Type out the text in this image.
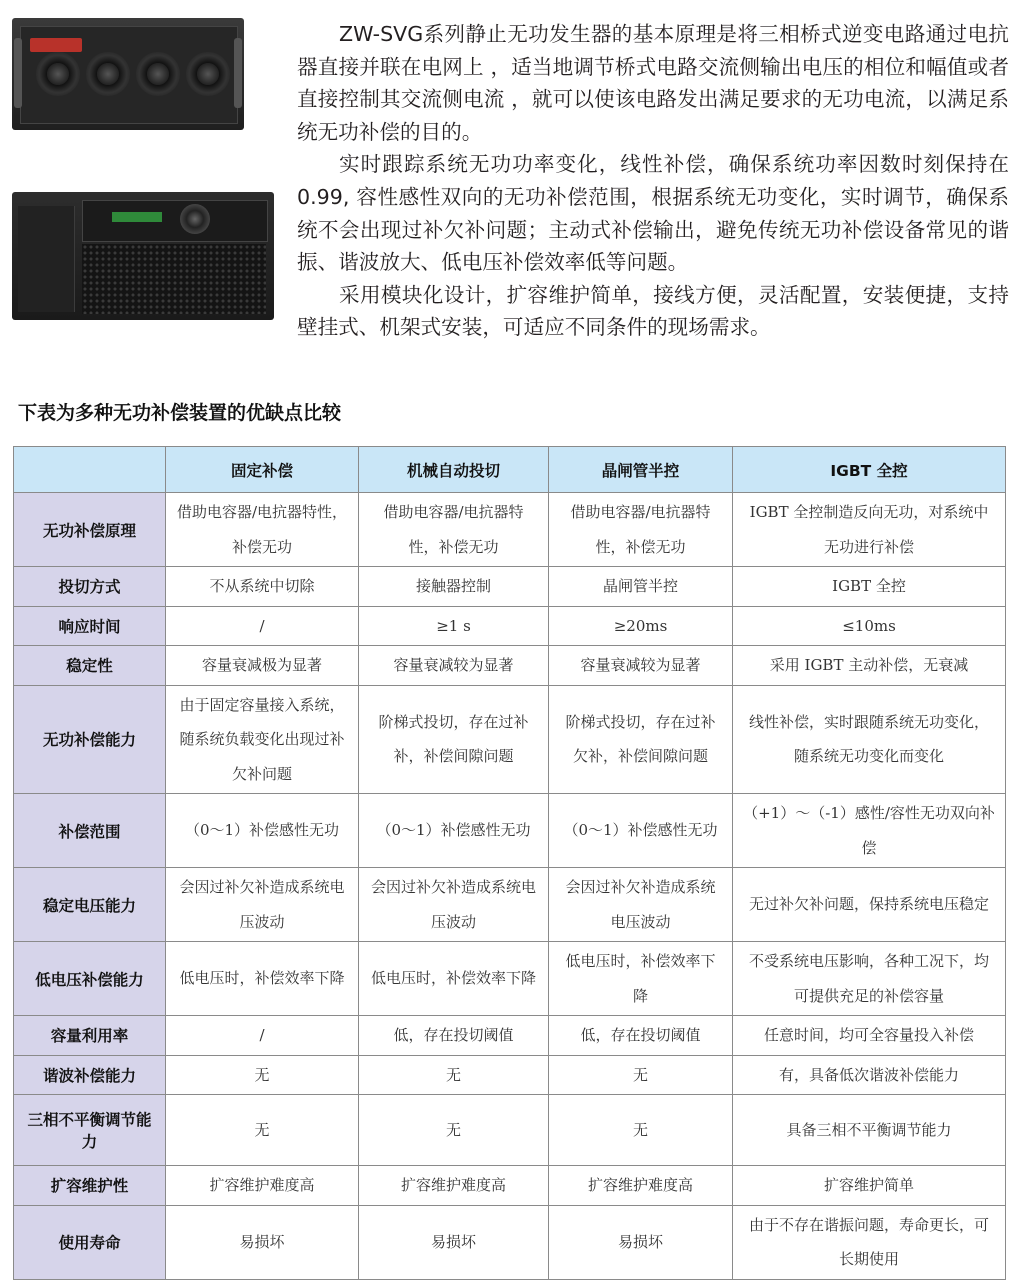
ZW-SVG系列静止无功发生器的基本原理是将三相桥式逆变电路通过电抗器直接并联在电网上 ，适当地调节桥式电路交流侧输出电压的相位和幅值或者直接控制其交流侧电流 ，就可以使该电路发出满足要求的无功电流，以满足系统无功补偿的目的。

实时跟踪系统无功功率变化，线性补偿，确保系统功率因数时刻保持在0.99, 容性感性双向的无功补偿范围，根据系统无功变化，实时调节，确保系统不会出现过补欠补问题；主动式补偿输出，避免传统无功补偿设备常见的谐振、谐波放大、低电压补偿效率低等问题。

采用模块化设计，扩容维护简单，接线方便，灵活配置，安装便捷，支持壁挂式、机架式安装，可适应不同条件的现场需求。

下表为多种无功补偿装置的优缺点比较
	固定补偿	机械自动投切	晶闸管半控	IGBT 全控
无功补偿原理	借助电容器/电抗器特性，补偿无功	借助电容器/电抗器特性，补偿无功	借助电容器/电抗器特性，补偿无功	IGBT 全控制造反向无功，对系统中无功进行补偿
投切方式	不从系统中切除	接触器控制	晶闸管半控	IGBT 全控
响应时间	/	≥1 s	≥20ms	≤10ms
稳定性	容量衰减极为显著	容量衰减较为显著	容量衰减较为显著	采用 IGBT 主动补偿，无衰减
无功补偿能力	由于固定容量接入系统，随系统负载变化出现过补欠补问题	阶梯式投切，存在过补补，补偿间隙问题	阶梯式投切，存在过补欠补，补偿间隙问题	线性补偿，实时跟随系统无功变化，随系统无功变化而变化
补偿范围	（0～1）补偿感性无功	（0～1）补偿感性无功	（0～1）补偿感性无功	（+1）～（-1）感性/容性无功双向补偿
稳定电压能力	会因过补欠补造成系统电压波动	会因过补欠补造成系统电压波动	会因过补欠补造成系统电压波动	无过补欠补问题，保持系统电压稳定
低电压补偿能力	低电压时，补偿效率下降	低电压时，补偿效率下降	低电压时，补偿效率下降	不受系统电压影响，各种工况下，均可提供充足的补偿容量
容量利用率	/	低，存在投切阈值	低，存在投切阈值	任意时间，均可全容量投入补偿
谐波补偿能力	无	无	无	有，具备低次谐波补偿能力
三相不平衡调节能力	无	无	无	具备三相不平衡调节能力
扩容维护性	扩容维护难度高	扩容维护难度高	扩容维护难度高	扩容维护简单
使用寿命	易损坏	易损坏	易损坏	由于不存在谐振问题，寿命更长，可长期使用
